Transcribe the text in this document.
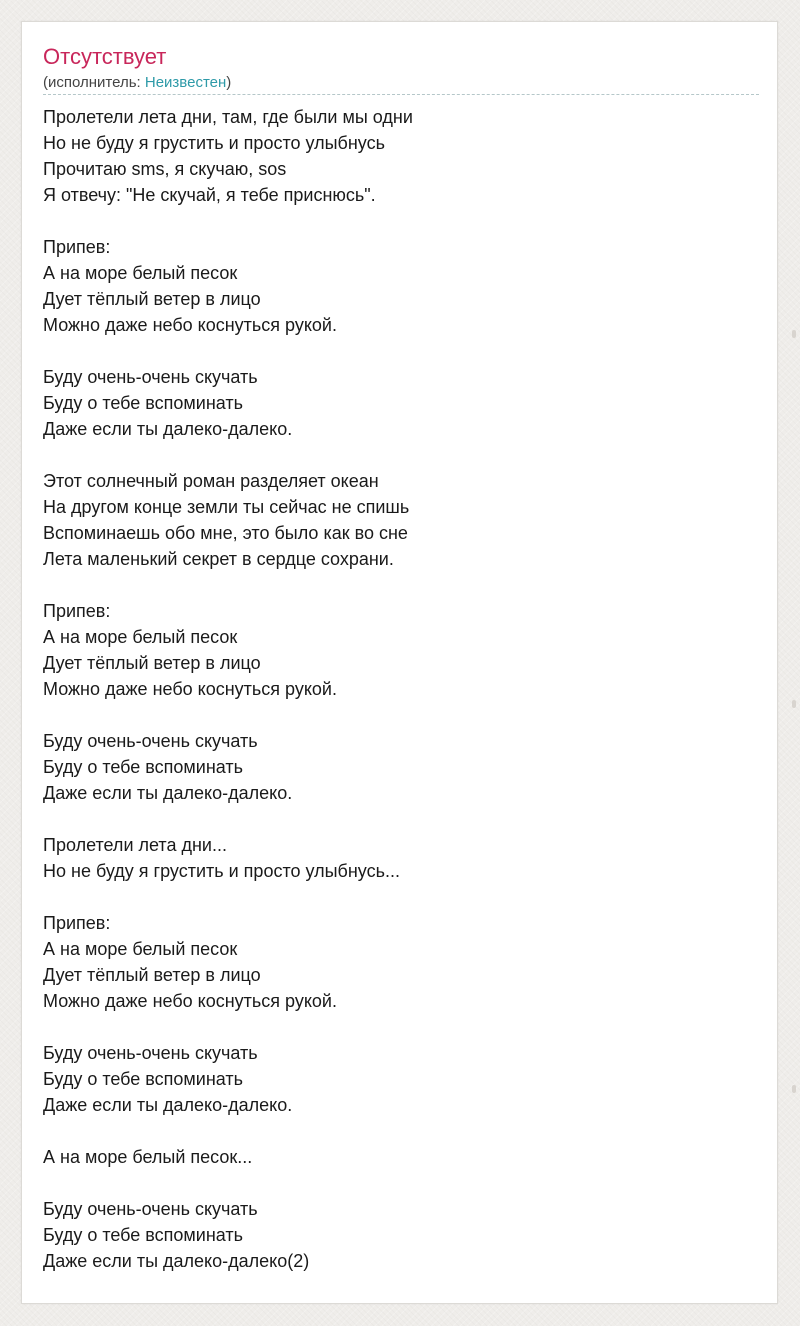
Отсутствует
(исполнитель: Неизвестен)
Пролетели лета дни, там, где были мы одни
Но не буду я грустить и просто улыбнусь
Прочитаю sms, я скучаю, sos
Я отвечу: "Не скучай, я тебе приснюсь".
Припев:
А на море белый песок
Дует тёплый ветер в лицо
Можно даже небо коснуться рукой.
Буду очень-очень скучать
Буду о тебе вспоминать
Даже если ты далеко-далеко.
Этот солнечный роман разделяет океан
На другом конце земли ты сейчас не спишь
Вспоминаешь обо мне, это было как во сне
Лета маленький секрет в сердце сохрани.
Припев:
А на море белый песок
Дует тёплый ветер в лицо
Можно даже небо коснуться рукой.
Буду очень-очень скучать
Буду о тебе вспоминать
Даже если ты далеко-далеко.
Пролетели лета дни...
Но не буду я грустить и просто улыбнусь...
Припев:
А на море белый песок
Дует тёплый ветер в лицо
Можно даже небо коснуться рукой.
Буду очень-очень скучать
Буду о тебе вспоминать
Даже если ты далеко-далеко.
А на море белый песок...
Буду очень-очень скучать
Буду о тебе вспоминать
Даже если ты далеко-далеко(2)
